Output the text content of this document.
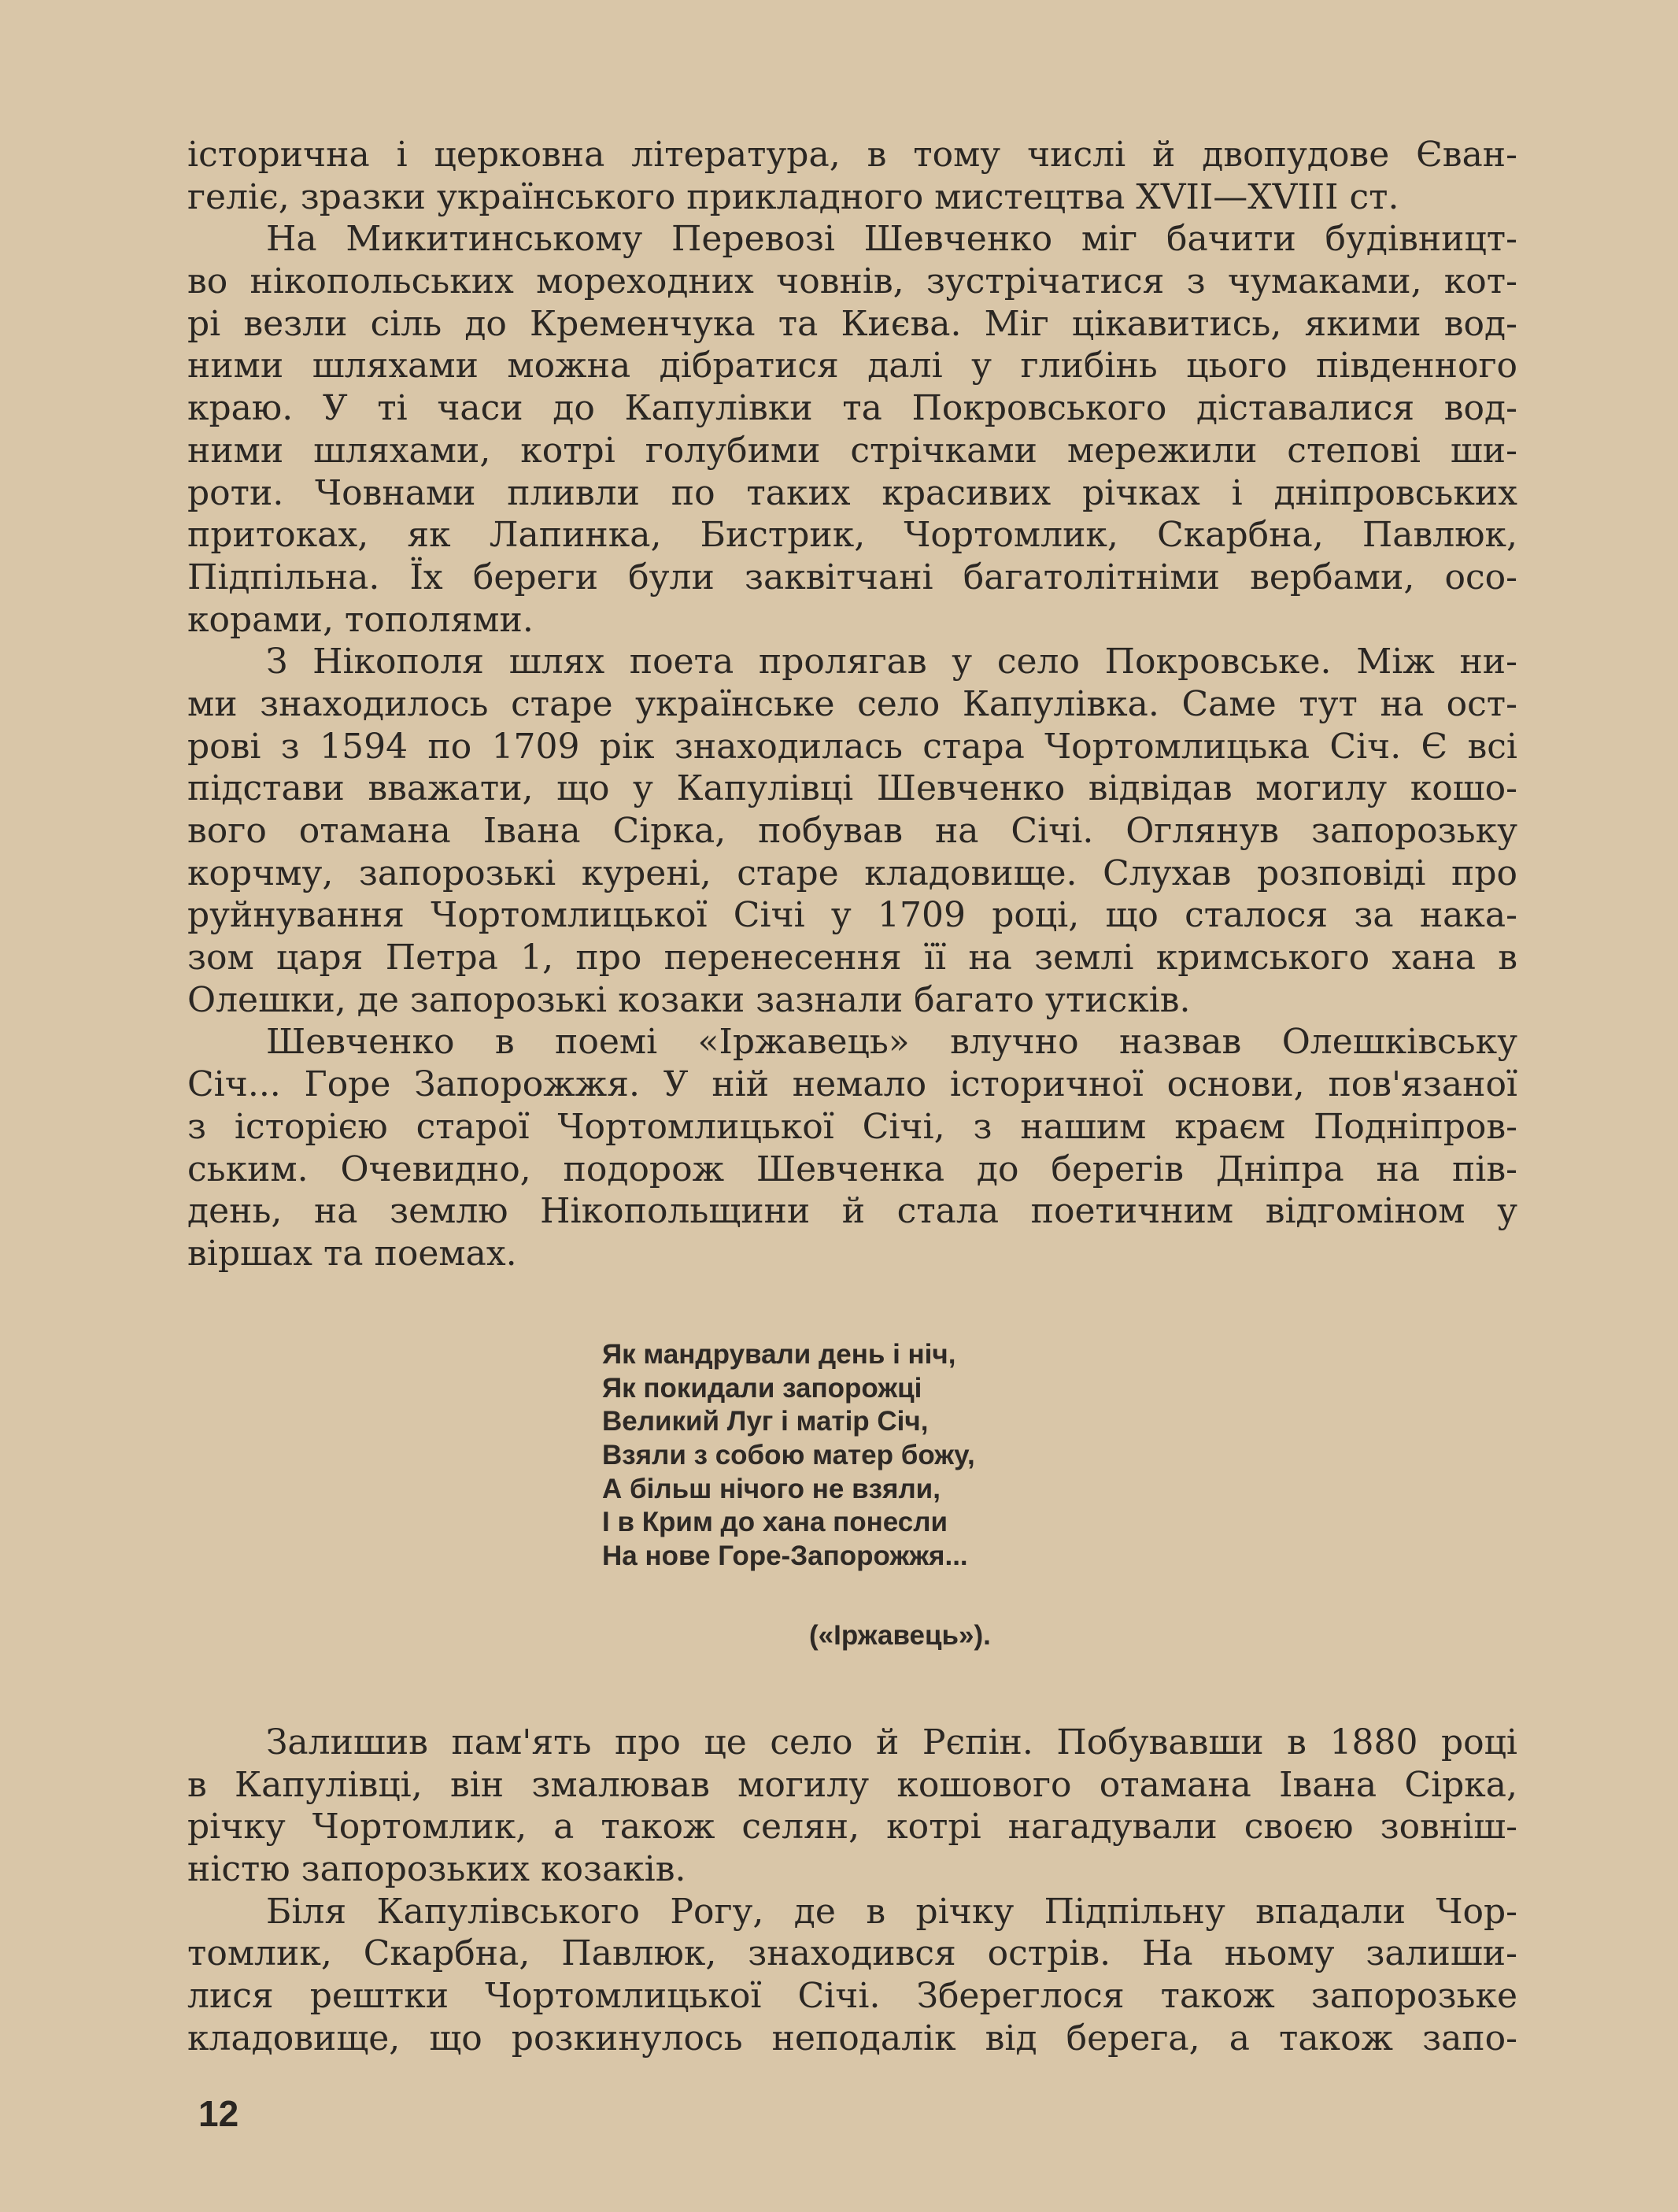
історична і церковна література, в тому числі й двопудове Єван-
геліє, зразки українського прикладного мистецтва XVII—XVIII ст.
На Микитинському Перевозі Шевченко міг бачити будівницт-
во нікопольських мореходних човнів, зустрічатися з чумаками, кот-
рі везли сіль до Кременчука та Києва. Міг цікавитись, якими вод-
ними шляхами можна дібратися далі у глибінь цього південного
краю. У ті часи до Капулівки та Покровського діставалися вод-
ними шляхами, котрі голубими стрічками мережили степові ши-
роти. Човнами пливли по таких красивих річках і дніпровських
притоках, як Лапинка, Бистрик, Чортомлик, Скарбна, Павлюк,
Підпільна. Їх береги були заквітчані багатолітніми вербами, осо-
корами, тополями.
З Нікополя шлях поета пролягав у село Покровське. Між ни-
ми знаходилось старе українське село Капулівка. Саме тут на ост-
рові з 1594 по 1709 рік знаходилась стара Чортомлицька Січ. Є всі
підстави вважати, що у Капулівці Шевченко відвідав могилу кошо-
вого отамана Івана Сірка, побував на Січі. Оглянув запорозьку
корчму, запорозькі курені, старе кладовище. Слухав розповіді про
руйнування Чортомлицької Січі у 1709 році, що сталося за нака-
зом царя Петра 1, про перенесення її на землі кримського хана в
Олешки, де запорозькі козаки зазнали багато утисків.
Шевченко в поемі «Іржавець» влучно назвав Олешківську
Січ... Горе Запорожжя. У ній немало історичної основи, пов'язаної
з історією старої Чортомлицької Січі, з нашим краєм Подніпров-
ським. Очевидно, подорож Шевченка до берегів Дніпра на пів-
день, на землю Нікопольщини й стала поетичним відгоміном у
віршах та поемах.
Як мандрували день і ніч,
Як покидали запорожці
Великий Луг і матір Січ,
Взяли з собою матер божу,
А більш нічого не взяли,
І в Крим до хана понесли
На нове Горе-Запорожжя...
(«Іржавець»).
Залишив пам'ять про це село й Рєпін. Побувавши в 1880 році
в Капулівці, він змалював могилу кошового отамана Івана Сірка,
річку Чортомлик, а також селян, котрі нагадували своєю зовніш-
ністю запорозьких козаків.
Біля Капулівського Рогу, де в річку Підпільну впадали Чор-
томлик, Скарбна, Павлюк, знаходився острів. На ньому залиши-
лися рештки Чортомлицької Січі. Збереглося також запорозьке
кладовище, що розкинулось неподалік від берега, а також запо-
12
